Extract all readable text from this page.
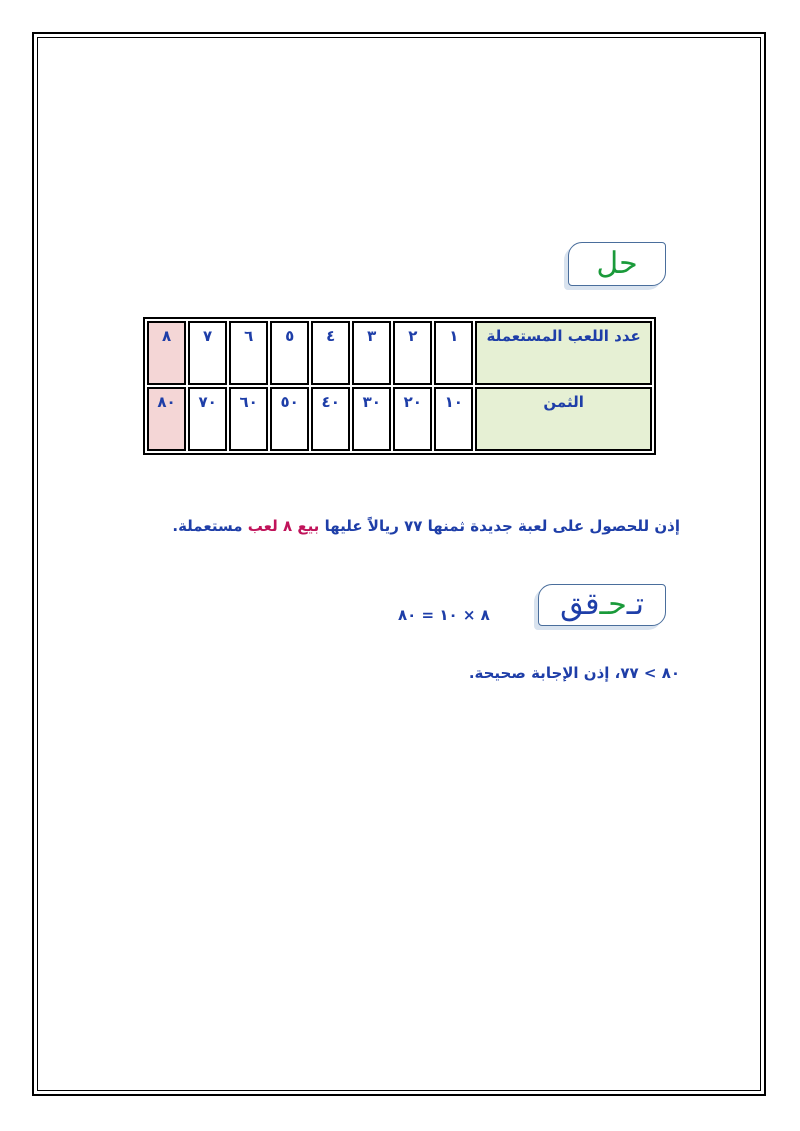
حل
عدد اللعب المستعملة	١	٢	٣	٤	٥	٦	٧	٨
الثمن	١٠	٢٠	٣٠	٤٠	٥٠	٦٠	٧٠	٨٠
إذن للحصول على لعبة جديدة ثمنها ٧٧ ريالاً عليها بيع ٨ لعب مستعملة.
تـ
حـ
قق
٨ × ١٠ = ٨٠
٨٠ > ٧٧، إذن الإجابة صحيحة.
